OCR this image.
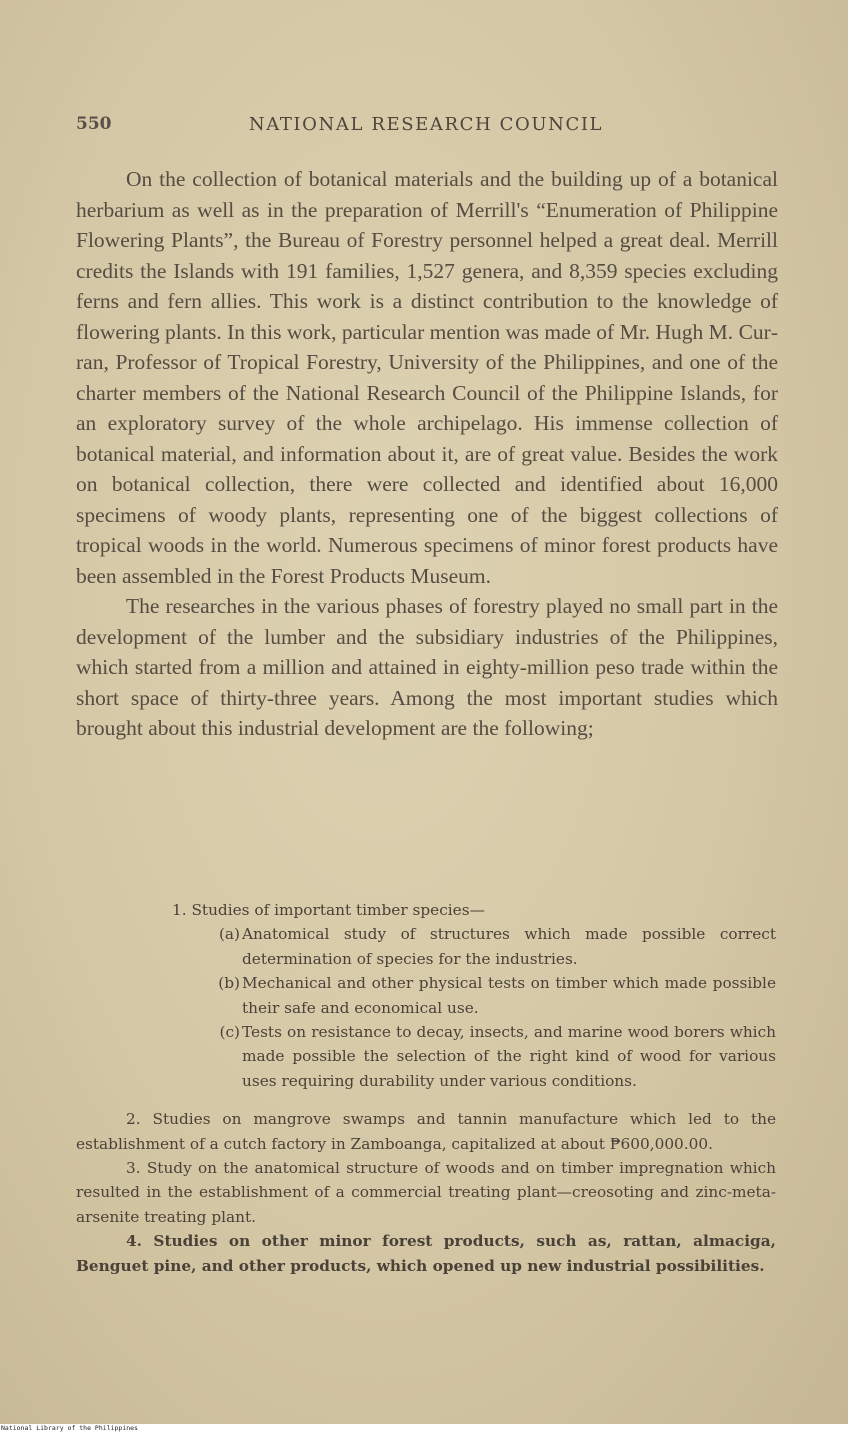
550	NATIONAL RESEARCH COUNCIL

On the collection of botanical materials and the building up of a botanical herbarium as well as in the preparation of Merrill's “Enumeration of Philippine Flowering Plants”, the Bureau of Forestry personnel helped a great deal. Merrill credits the Islands with 191 families, 1,527 genera, and 8,359 species excluding ferns and fern allies. This work is a distinct contribution to the knowledge of flowering plants. In this work, particular mention was made of Mr. Hugh M. Curran, Professor of Tropical Forestry, University of the Philippines, and one of the charter members of the National Research Council of the Philippine Islands, for an exploratory survey of the whole archipelago. His immense collection of botanical material, and information about it, are of great value. Besides the work on botanical collection, there were collected and identified about 16,000 specimens of woody plants, representing one of the biggest collections of tropical woods in the world. Numerous specimens of minor forest products have been assembled in the Forest Products Museum.

The researches in the various phases of forestry played no small part in the development of the lumber and the subsidiary industries of the Philippines, which started from a million and attained in eighty-million peso trade within the short space of thirty-three years. Among the most important studies which brought about this industrial development are the following;

1. Studies of important timber species—

(a) Anatomical study of structures which made possible correct determination of species for the industries.
(b) Mechanical and other physical tests on timber which made possible their safe and economical use.
(c) Tests on resistance to decay, insects, and marine wood borers which made possible the selection of the right kind of wood for various uses requiring durability under various conditions.

2. Studies on mangrove swamps and tannin manufacture which led to the establishment of a cutch factory in Zamboanga, capitalized at about ₱600,000.00.

3. Study on the anatomical structure of woods and on timber impregnation which resulted in the establishment of a commercial treating plant—creosoting and zinc-meta-arsenite treating plant.

4. Studies on other minor forest products, such as, rattan, almaciga, Benguet pine, and other products, which opened up new industrial possibilities.

National Library of the Philippines
